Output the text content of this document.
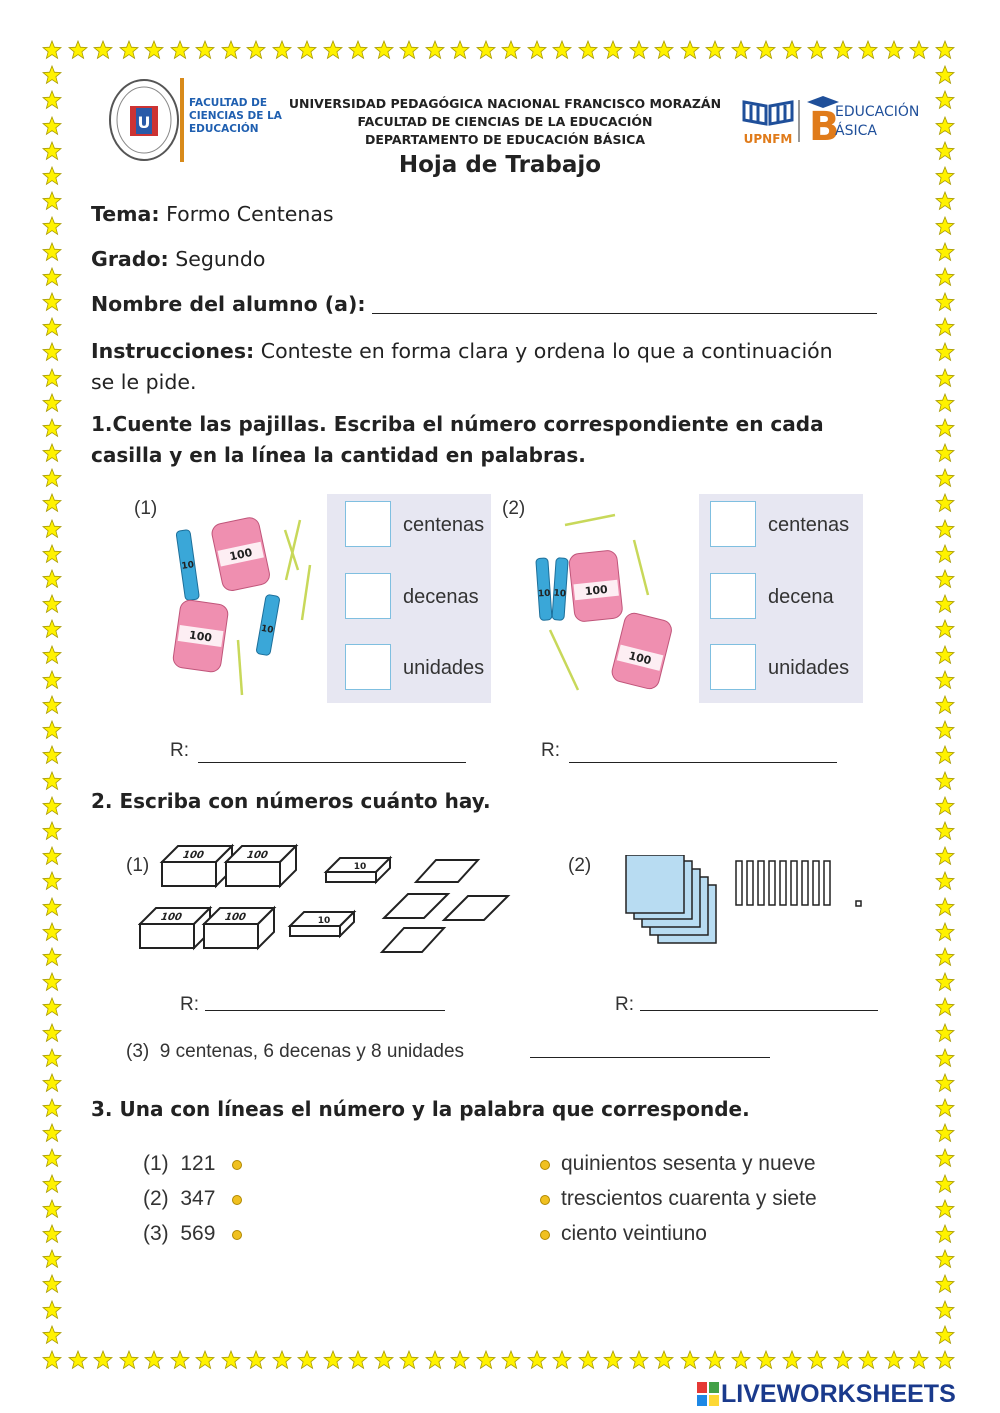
U
FACULTAD DE
CIENCIAS DE LA
EDUCACIÓN
UNIVERSIDAD PEDAGÓGICA NACIONAL FRANCISCO MORAZÁN
FACULTAD DE CIENCIAS DE LA EDUCACIÓN
DEPARTAMENTO DE EDUCACIÓN BÁSICA	UPNFM B
EDUCACIÓN
ÁSICA
Hoja de Trabajo
Tema: Formo Centenas
Grado: Segundo
Nombre del alumno (a):
Instrucciones: Conteste en forma clara y ordena lo que a continuación
se le pide.
1.Cuente las pajillas. Escriba el número correspondiente en cada
casilla y en la línea la cantidad en palabras.
(1)	(2)
10
100
100	10
centenas
decenas
unidades
10 10 100
100
centenas
decena
unidades
R:	R:
2. Escriba con números cuánto hay.
(1)	100	100
100	100
10
10
(2)
R:	R:
(3) 9 centenas, 6 decenas y 8 unidades
3. Una con líneas el número y la palabra que corresponde.
(1) 121
(2) 347
(3) 569
quinientos sesenta y nueve
trescientos cuarenta y siete
ciento veintiuno
LIVEWORKSHEETS
